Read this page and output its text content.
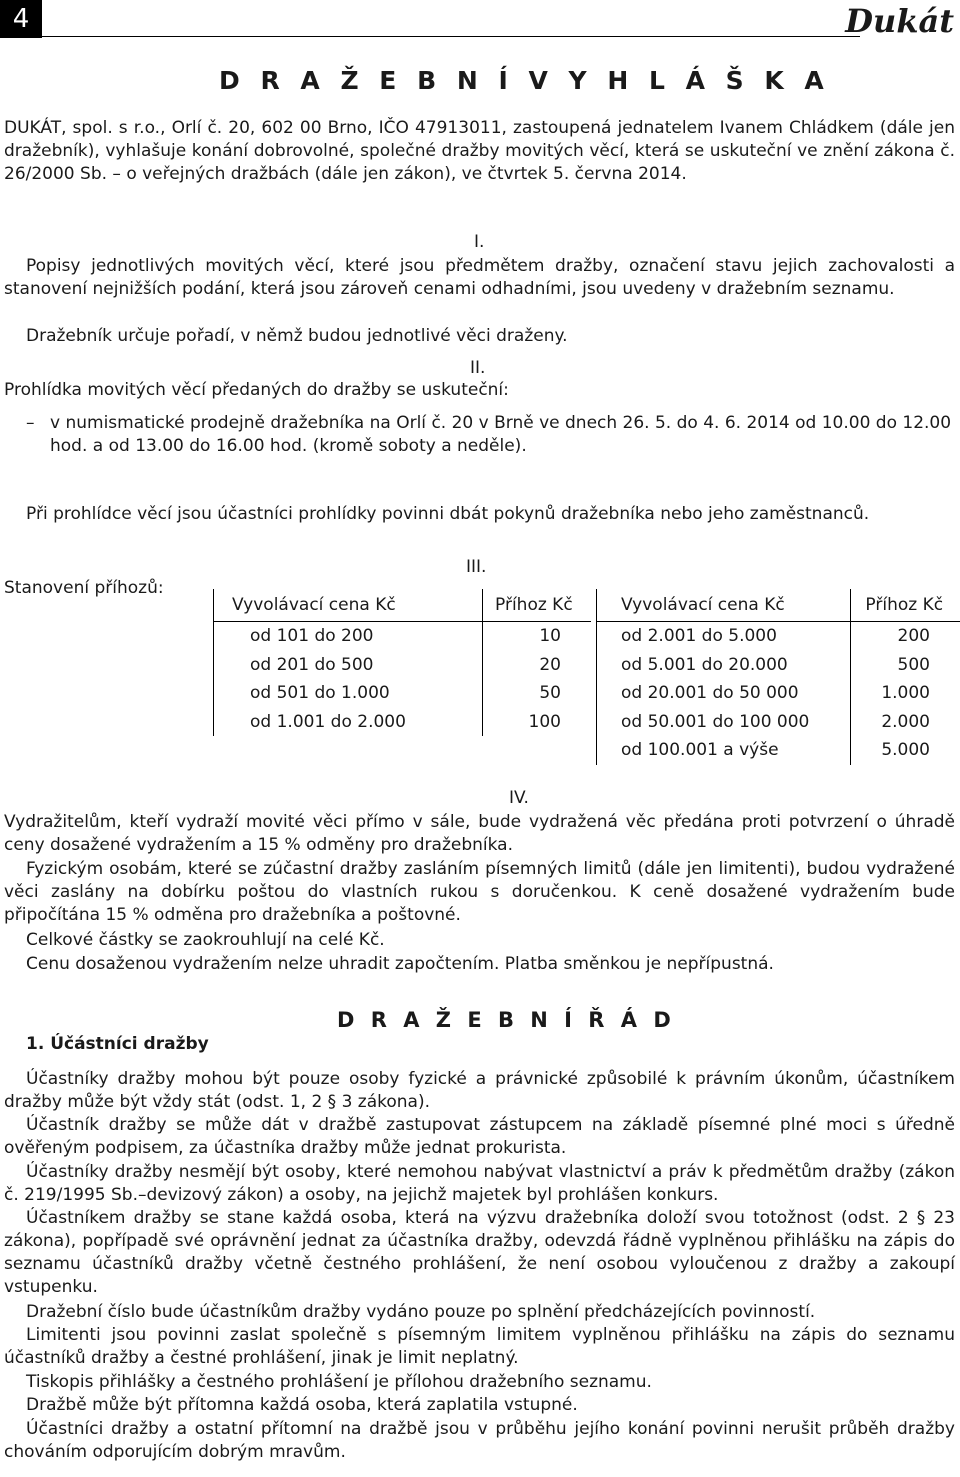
4	Dukát
D R A Ž E B N Í V Y H L Á Š K A

DUKÁT, spol. s r.o., Orlí č. 20, 602 00 Brno, IČO 47913011, zastoupená jednatelem Ivanem Chládkem (dále jen dražebník), vyhlašuje konání dobrovolné, společné dražby movitých věcí, která se uskuteční ve znění zákona č. 26/2000 Sb. – o veřejných dražbách (dále jen zákon), ve čtvrtek 5. června 2014.

I.

Popisy jednotlivých movitých věcí, které jsou předmětem dražby, označení stavu jejich zachovalosti a stanovení nejnižších podání, která jsou zároveň cenami odhadními, jsou uvedeny v dražebním seznamu.

Dražebník určuje pořadí, v němž budou jednotlivé věci draženy.

II.

Prohlídka movitých věcí předaných do dražby se uskuteční:

– v numismatické prodejně dražebníka na Orlí č. 20 v Brně ve dnech 26. 5. do 4. 6. 2014 od 10.00 do 12.00 hod. a od 13.00 do 16.00 hod. (kromě soboty a neděle).

Při prohlídce věcí jsou účastníci prohlídky povinni dbát pokynů dražebníka nebo jeho zaměstnanců.

III.
Stanovení příhozů:
Vyvolávací cena Kč	Příhoz Kč
od 101 do 200	10
od 201 do 500	20
od 501 do 1.000	50
od 1.001 do 2.000	100
Vyvolávací cena Kč	Příhoz Kč
od 2.001 do 5.000	200
od 5.001 do 20.000	500
od 20.001 do 50 000	1.000
od 50.001 do 100 000	2.000
od 100.001 a výše	5.000
IV.

Vydražitelům, kteří vydraží movité věci přímo v sále, bude vydražená věc předána proti potvrzení o úhradě ceny dosažené vydražením a 15 % odměny pro dražebníka.

Fyzickým osobám, které se zúčastní dražby zasláním písemných limitů (dále jen limitenti), budou vydražené věci zaslány na dobírku poštou do vlastních rukou s doručenkou. K ceně dosažené vydražením bude připočítána 15 % odměna pro dražebníka a poštovné.

Celkové částky se zaokrouhlují na celé Kč.

Cenu dosaženou vydražením nelze uhradit započtením. Platba směnkou je nepřípustná.

D R A Ž E B N Í Ř Á D
1. Účástníci dražby

Účastníky dražby mohou být pouze osoby fyzické a právnické způsobilé k právním úkonům, účastníkem dražby může být vždy stát (odst. 1, 2 § 3 zákona).

Účastník dražby se může dát v dražbě zastupovat zástupcem na základě písemné plné moci s úředně ověřeným podpisem, za účastníka dražby může jednat prokurista.

Účastníky dražby nesmějí být osoby, které nemohou nabývat vlastnictví a práv k předmětům dražby (zákon č. 219/1995 Sb.–devizový zákon) a osoby, na jejichž majetek byl prohlášen konkurs.

Účastníkem dražby se stane každá osoba, která na výzvu dražebníka doloží svou totožnost (odst. 2 § 23 zákona), popřípadě své oprávnění jednat za účastníka dražby, odevzdá řádně vyplněnou přihlášku na zápis do seznamu účastníků dražby včetně čestného prohlášení, že není osobou vyloučenou z dražby a zakoupí vstupenku.

Dražební číslo bude účastníkům dražby vydáno pouze po splnění předcházejících povinností.

Limitenti jsou povinni zaslat společně s písemným limitem vyplněnou přihlášku na zápis do seznamu účastníků dražby a čestné prohlášení, jinak je limit neplatný.

Tiskopis přihlášky a čestného prohlášení je přílohou dražebního seznamu.

Dražbě může být přítomna každá osoba, která zaplatila vstupné.

Účastníci dražby a ostatní přítomní na dražbě jsou v průběhu jejího konání povinni nerušit průběh dražby chováním odporujícím dobrým mravům.
